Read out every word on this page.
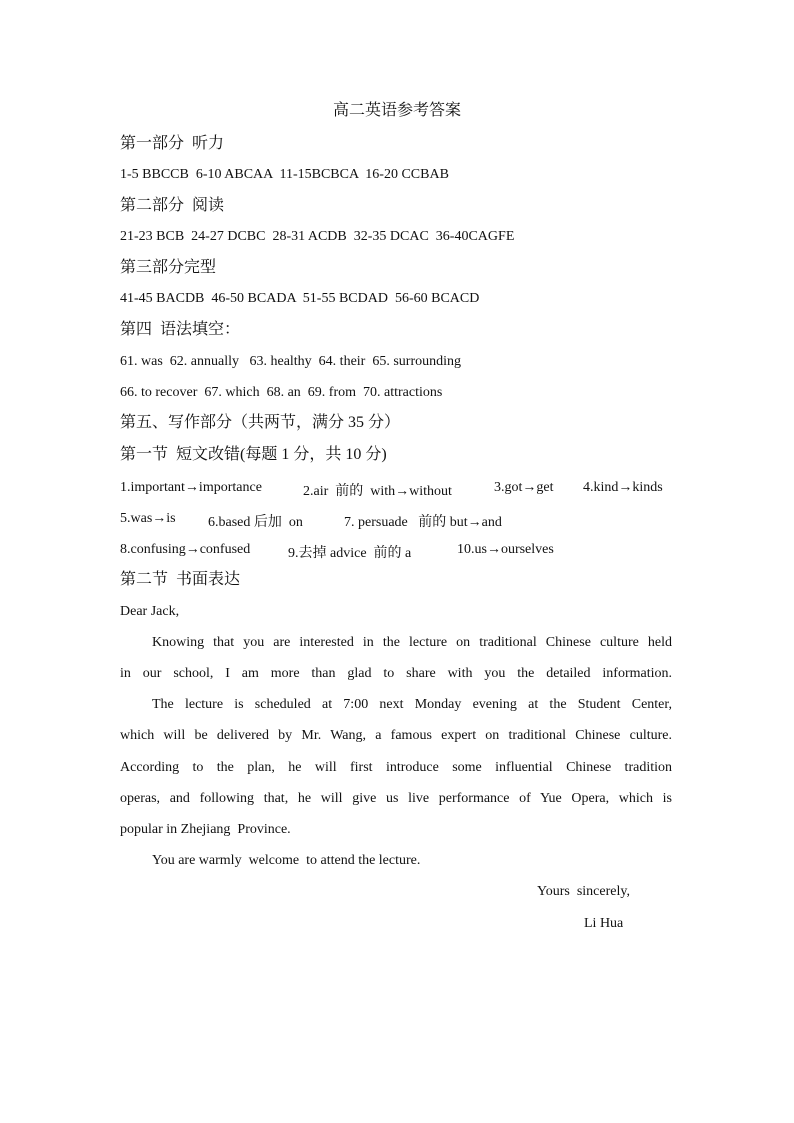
高二英语参考答案
第一部分  听力
1-5 BBCCB  6-10 ABCAA  11-15BCBCA  16-20 CCBAB
第二部分  阅读
21-23 BCB  24-27 DCBC  28-31 ACDB  32-35 DCAC  36-40CAGFE
第三部分完型
41-45 BACDB  46-50 BCADA  51-55 BCDAD  56-60 BCACD
第四  语法填空：
61. was  62. annually   63. healthy  64. their  65. surrounding
66. to recover  67. which  68. an  69. from  70. attractions
第五、写作部分（共两节，满分 35 分）
第一节  短文改错(每题 1 分，共 10 分)
1.important→importance	2.air  前的  with→without	3.got→get 4.kind→kinds
5.was→is 6.based 后加  on	7. persuade   前的 but→and
8.confusing→confused	9.去掉 advice  前的 a	10.us→ourselves
第二节  书面表达
Dear Jack,
Knowing that you are interested in the lecture on traditional Chinese culture held
in our school, I am more than glad to share with you the detailed information.
The lecture is scheduled at 7:00 next Monday evening at the Student Center,
which will be delivered by Mr. Wang, a famous expert on traditional Chinese culture.
According to the plan, he will first introduce some influential Chinese tradition
operas, and following that, he will give us live performance of Yue Opera, which is
popular in Zhejiang  Province.
You are warmly  welcome  to attend the lecture.
Yours  sincerely,
Li Hua
